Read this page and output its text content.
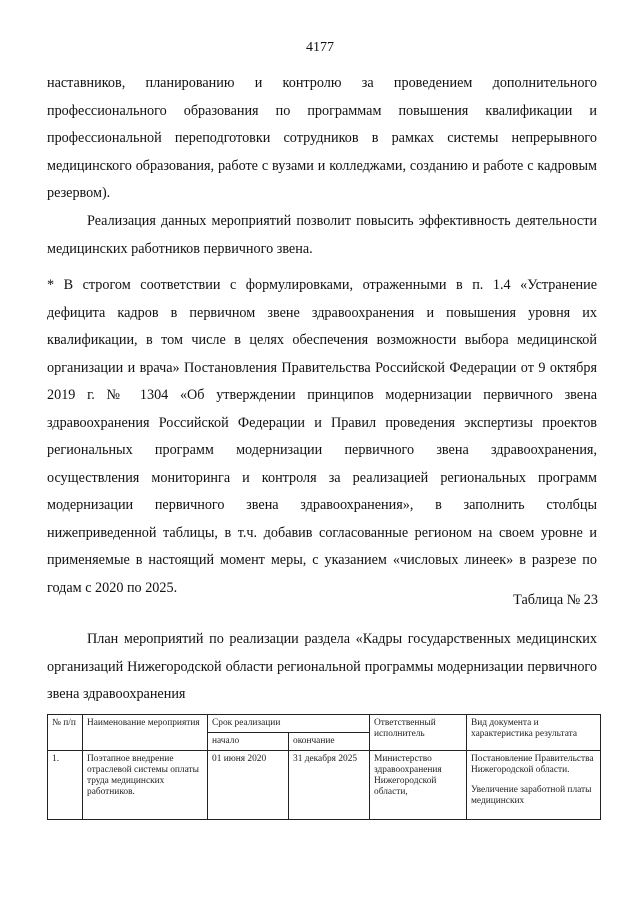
4177
наставников, планированию и контролю за проведением дополнительного профессионального образования по программам повышения квалификации и профессиональной переподготовки сотрудников в рамках системы непрерывного медицинского образования, работе с вузами и колледжами, созданию и работе с кадровым резервом).
Реализация данных мероприятий позволит повысить эффективность деятельности медицинских работников первичного звена.
* В строгом соответствии с формулировками, отраженными в п. 1.4 «Устранение дефицита кадров в первичном звене здравоохранения и повышения уровня их квалификации, в том числе в целях обеспечения возможности выбора медицинской организации и врача» Постановления Правительства Российской Федерации от 9 октября 2019 г. № 1304 «Об утверждении принципов модернизации первичного звена здравоохранения Российской Федерации и Правил проведения экспертизы проектов региональных программ модернизации первичного звена здравоохранения, осуществления мониторинга и контроля за реализацией региональных программ модернизации первичного звена здравоохранения», в заполнить столбцы нижеприведенной таблицы, в т.ч. добавив согласованные регионом на своем уровне и применяемые в настоящий момент меры, с указанием «числовых линеек» в разрезе по годам с 2020 по 2025.
Таблица № 23
План мероприятий по реализации раздела «Кадры государственных медицинских организаций Нижегородской области региональной программы модернизации первичного звена здравоохранения
№ п/п	Наименование мероприятия	Срок реализации		Ответственный исполнитель	Вид документа и характеристика результата
		начало	окончание		
1.	Поэтапное внедрение отраслевой системы оплаты труда медицинских работников.	01 июня 2020	31 декабря 2025	Министерство здравоохранения Нижегородской области,	Постановление Правительства Нижегородской области.
Увеличение заработной платы медицинских
